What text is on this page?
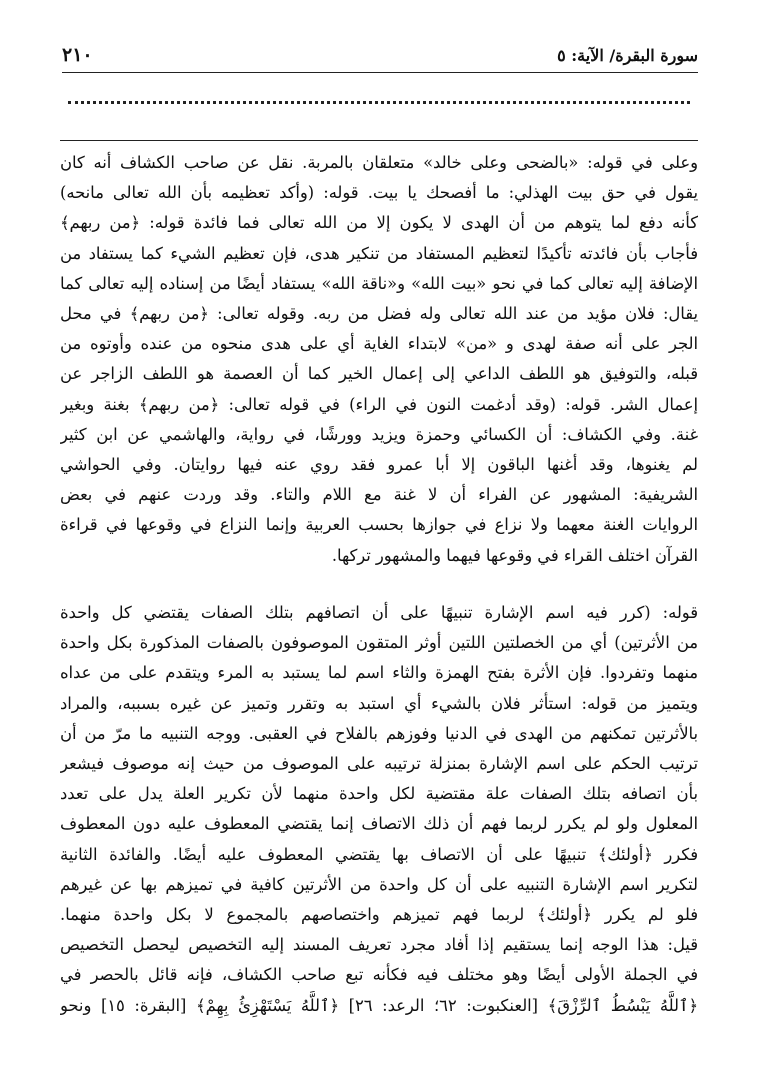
سورة البقرة/ الآية: ٥
٢١٠
وعلى في قوله: «بالضحى وعلى خالد» متعلقان بالمربة. نقل عن صاحب الكشاف أنه كان
يقول في حق بيت الهذلي: ما أفصحك يا بيت. قوله: (وأكد تعظيمه بأن الله تعالى مانحه)
كأنه دفع لما يتوهم من أن الهدى لا يكون إلا من الله تعالى فما فائدة قوله: ﴿من ربهم﴾
فأجاب بأن فائدته تأكيدًا لتعظيم المستفاد من تنكير هدى، فإن تعظيم الشيء كما يستفاد من
الإضافة إليه تعالى كما في نحو «بيت الله» و«ناقة الله» يستفاد أيضًا من إسناده إليه تعالى كما
يقال: فلان مؤيد من عند الله تعالى وله فضل من ربه. وقوله تعالى: ﴿من ربهم﴾ في محل
الجر على أنه صفة لهدى و «من» لابتداء الغاية أي على هدى منحوه من عنده وأوتوه من
قبله، والتوفيق هو اللطف الداعي إلى إعمال الخير كما أن العصمة هو اللطف الزاجر عن
إعمال الشر. قوله: (وقد أدغمت النون في الراء) في قوله تعالى: ﴿من ربهم﴾ بغنة وبغير
غنة. وفي الكشاف: أن الكسائي وحمزة ويزيد وورشًا، في رواية، والهاشمي عن ابن كثير
لم يغنوها، وقد أغنها الباقون إلا أبا عمرو فقد روي عنه فيها روايتان. وفي الحواشي
الشريفية: المشهور عن الفراء أن لا غنة مع اللام والتاء. وقد وردت عنهم في بعض
الروايات الغنة معهما ولا نزاع في جوازها بحسب العربية وإنما النزاع في وقوعها في قراءة
القرآن اختلف القراء في وقوعها فيهما والمشهور تركها.
قوله: (كرر فيه اسم الإشارة تنبيهًا على أن اتصافهم بتلك الصفات يقتضي كل واحدة
من الأثرتين) أي من الخصلتين اللتين أوثر المتقون الموصوفون بالصفات المذكورة بكل واحدة
منهما وتفردوا. فإن الأثرة بفتح الهمزة والثاء اسم لما يستبد به المرء ويتقدم على من عداه
ويتميز من قوله: استأثر فلان بالشيء أي استبد به وتقرر وتميز عن غيره بسببه، والمراد
بالأثرتين تمكنهم من الهدى في الدنيا وفوزهم بالفلاح في العقبى. ووجه التنبيه ما مرّ من أن
ترتيب الحكم على اسم الإشارة بمنزلة ترتيبه على الموصوف من حيث إنه موصوف فيشعر
بأن اتصافه بتلك الصفات علة مقتضية لكل واحدة منهما لأن تكرير العلة يدل على تعدد
المعلول ولو لم يكرر لربما فهم أن ذلك الاتصاف إنما يقتضي المعطوف عليه دون المعطوف
فكرر ﴿أولئك﴾ تنبيهًا على أن الاتصاف بها يقتضي المعطوف عليه أيضًا. والفائدة الثانية
لتكرير اسم الإشارة التنبيه على أن كل واحدة من الأثرتين كافية في تميزهم بها عن غيرهم
فلو لم يكرر ﴿أولئك﴾ لربما فهم تميزهم واختصاصهم بالمجموع لا بكل واحدة منهما.
قيل: هذا الوجه إنما يستقيم إذا أفاد مجرد تعريف المسند إليه التخصيص ليحصل التخصيص
في الجملة الأولى أيضًا وهو مختلف فيه فكأنه تبع صاحب الكشاف، فإنه قائل بالحصر في
﴿ٱللَّهُ يَبْسُطُ ٱلرِّزْقَ﴾ [العنكبوت: ٦٢؛ الرعد: ٢٦] ﴿ٱللَّهُ يَسْتَهْزِئُ بِهِمْ﴾ [البقرة: ١٥] ونحو
